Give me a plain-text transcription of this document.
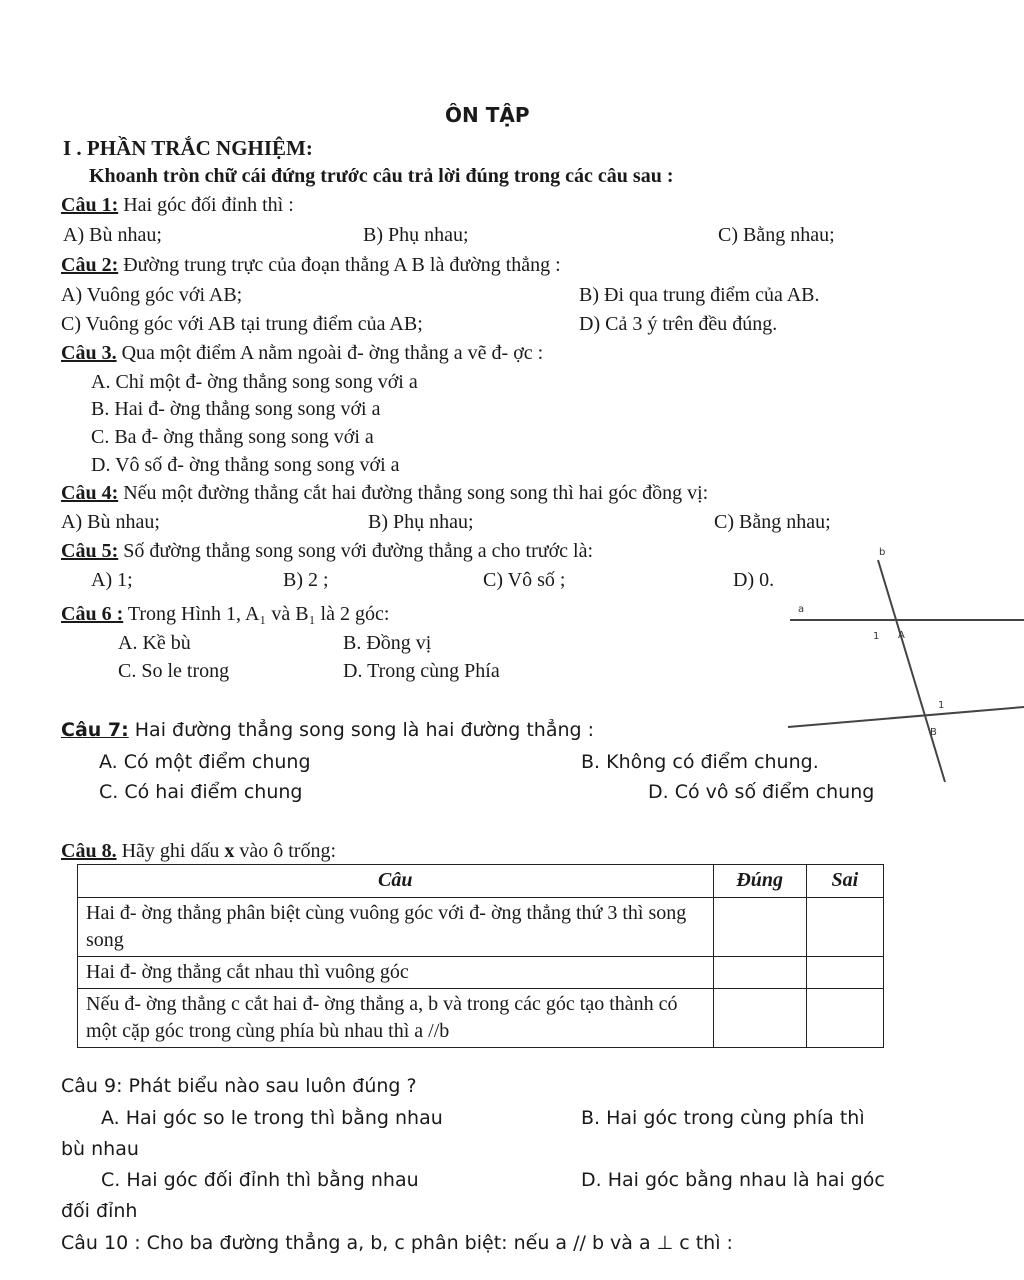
ÔN TẬP
I . PHẦN TRẮC NGHIỆM:
Khoanh tròn chữ cái đứng trước câu trả lời đúng trong các câu sau :
Câu 1: Hai góc đối đỉnh thì :
A) Bù nhau;	B) Phụ nhau;	C) Bằng nhau;
Câu 2: Đường trung trực của đoạn thẳng A B là đường thẳng :
A) Vuông góc với AB;	B) Đi qua trung điểm của AB.
C) Vuông góc với AB tại trung điểm của AB;	D) Cả 3 ý trên đều đúng.
Câu 3. Qua một điểm A nằm ngoài đ- ờng thẳng a vẽ đ- ợc :
A. Chỉ một đ- ờng thẳng song song với a
B. Hai đ- ờng thẳng song song với a
C. Ba đ- ờng thẳng song song với a
D. Vô số đ- ờng thẳng song song với a
Câu 4: Nếu một đường thẳng cắt hai đường thẳng song song thì hai góc đồng vị:
A) Bù nhau;	B) Phụ nhau;	C) Bằng nhau;
Câu 5: Số đường thẳng song song với đường thẳng a cho trước là:
A) 1;	B) 2 ;	C) Vô số ;	D) 0.
Câu 6 : Trong Hình 1, A₁ và B₁ là 2 góc:
A. Kề bù	B. Đồng vị
C. So le trong	D. Trong cùng Phía
b
a
1 A
1
B
Câu 7: Hai đường thẳng song song là hai đường thẳng :
A. Có một điểm chung	B. Không có điểm chung.
C. Có hai điểm chung	D. Có vô số điểm chung
Câu 8. Hãy ghi dấu x vào ô trống:
Câu	Đúng	Sai
Hai đ- ờng thẳng phân biệt cùng vuông góc với đ- ờng thẳng thứ 3 thì song song		
Hai đ- ờng thẳng cắt nhau thì vuông góc		
Nếu đ- ờng thẳng c cắt hai đ- ờng thẳng a, b và trong các góc tạo thành có một cặp góc trong cùng phía bù nhau thì a //b		
Câu 9: Phát biểu nào sau luôn đúng ?
A. Hai góc so le trong thì bằng nhau	B. Hai góc trong cùng phía thì
bù nhau
C. Hai góc đối đỉnh thì bằng nhau	D. Hai góc bằng nhau là hai góc
đối đỉnh
Câu 10 : Cho ba đường thẳng a, b, c phân biệt: nếu a // b và a ⊥ c thì :
